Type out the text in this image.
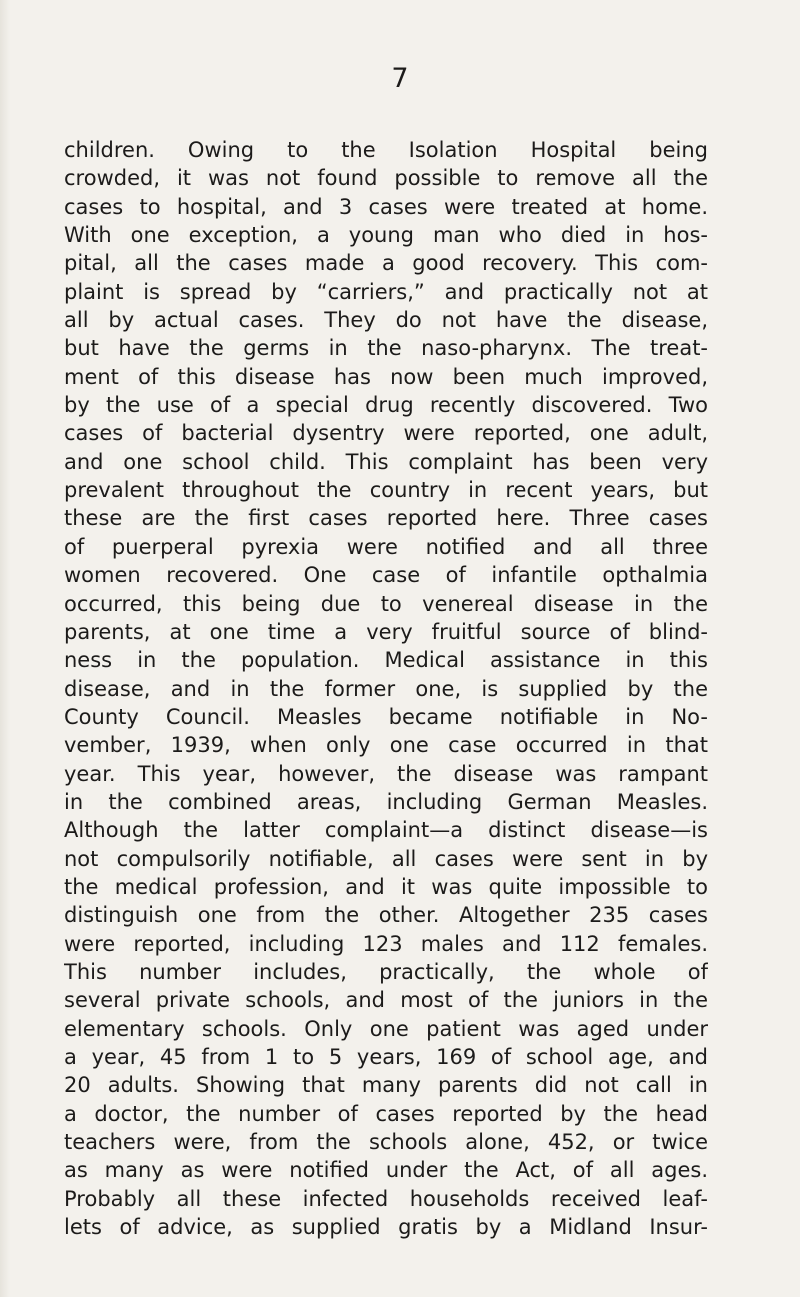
7
children. Owing to the Isolation Hospital being
crowded, it was not found possible to remove all the
cases to hospital, and 3 cases were treated at home.
With one exception, a young man who died in hos-
pital, all the cases made a good recovery. This com-
plaint is spread by “carriers,” and practically not at
all by actual cases. They do not have the disease,
but have the germs in the naso-pharynx. The treat-
ment of this disease has now been much improved,
by the use of a special drug recently discovered. Two
cases of bacterial dysentry were reported, one adult,
and one school child. This complaint has been very
prevalent throughout the country in recent years, but
these are the first cases reported here. Three cases
of puerperal pyrexia were notified and all three
women recovered. One case of infantile opthalmia
occurred, this being due to venereal disease in the
parents, at one time a very fruitful source of blind-
ness in the population. Medical assistance in this
disease, and in the former one, is supplied by the
County Council. Measles became notifiable in No-
vember, 1939, when only one case occurred in that
year. This year, however, the disease was rampant
in the combined areas, including German Measles.
Although the latter complaint—a distinct disease—is
not compulsorily notifiable, all cases were sent in by
the medical profession, and it was quite impossible to
distinguish one from the other. Altogether 235 cases
were reported, including 123 males and 112 females.
This number includes, practically, the whole of
several private schools, and most of the juniors in the
elementary schools. Only one patient was aged under
a year, 45 from 1 to 5 years, 169 of school age, and
20 adults. Showing that many parents did not call in
a doctor, the number of cases reported by the head
teachers were, from the schools alone, 452, or twice
as many as were notified under the Act, of all ages.
Probably all these infected households received leaf-
lets of advice, as supplied gratis by a Midland Insur-
